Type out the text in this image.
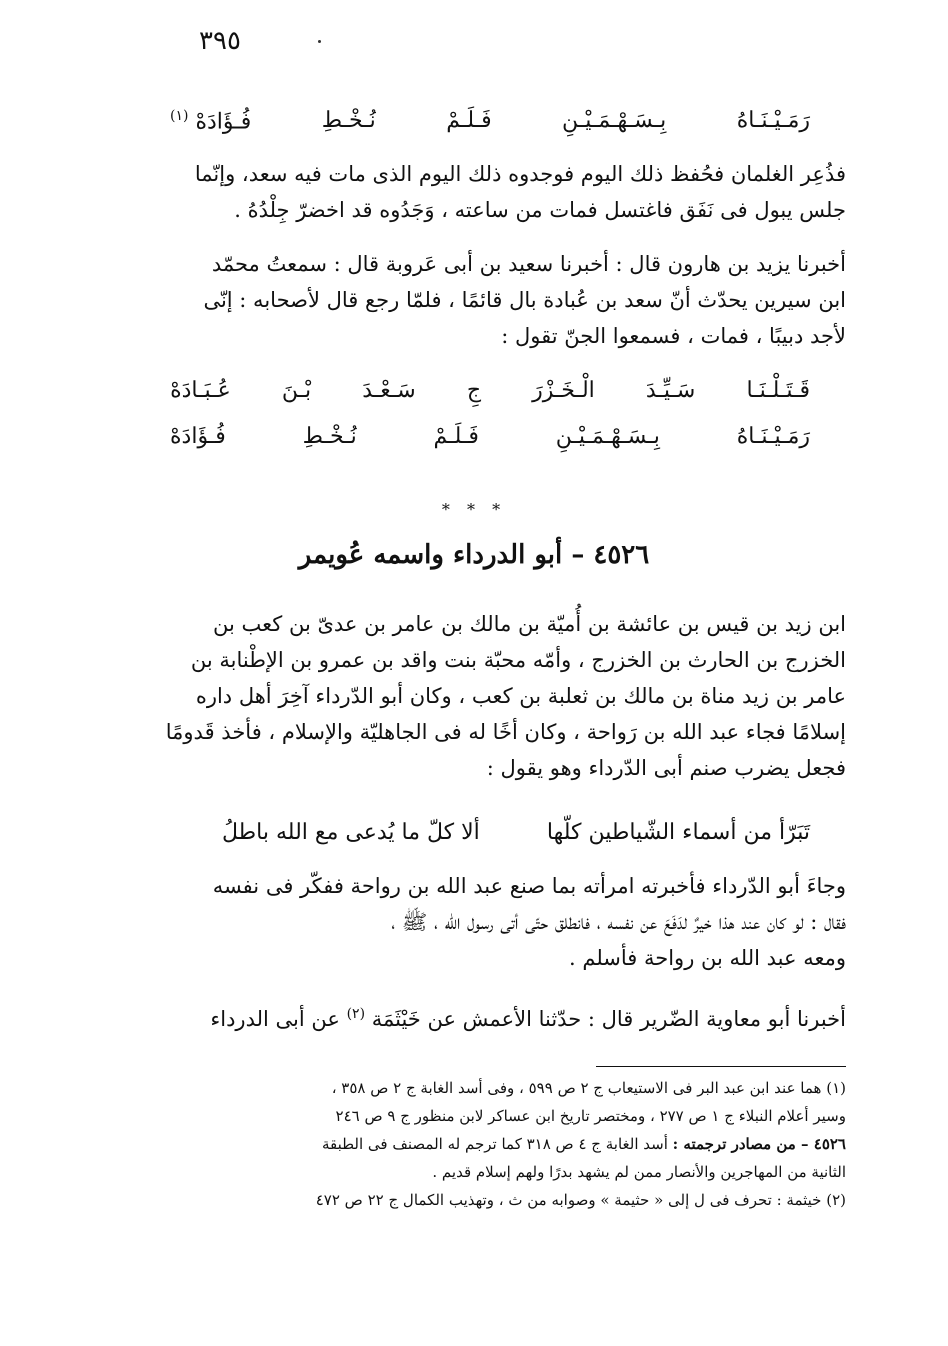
٣٩٥
رَمَـيْـنَـاهُ
بِـسَـهْـمَـيْـنِ
فَـلَـمْ
نُـخْـطِ
فُـؤَادَهْ $^{(١)}$

فذُعِر الغلمان فحُفظ ذلك اليوم فوجدوه ذلك اليوم الذى مات فيه سعد، وإنّما

جلس يبول فى نَفَق فاغتسل فمات من ساعته ، وَجَدُوه قد اخضرّ جِلْدُهُ .

أخبرنا يزيد بن هارون قال : أخبرنا سعيد بن أبى عَروبة قال : سمعتُ محمّد

ابن سيرين يحدّث أنّ سعد بن عُبادة بال قائمًا ، فلمّا رجع قال لأصحابه : إنّى

لأجد دبيبًا ، فمات ، فسمعوا الجنّ تقول :

قَـتَـلْـنَـا
سَـيِّـدَ
الْـخَـزْرَ
جِ
سَـعْـدَ
بْـنَ
عُـبَـادَهْ
رَمَـيْـنَـاهُ
بِـسَـهْـمَـيْـنِ
فَـلَـمْ
نُـخْـطِ
فُـؤَادَهْ
* * *
٤٥٢٦ – أبو الدرداء واسمه عُويمر

ابن زيد بن قيس بن عائشة بن أُميّة بن مالك بن عامر بن عدىّ بن كعب بن

الخزرج بن الحارث بن الخزرج ، وأمّه محبّة بنت واقد بن عمرو بن الإطْنابة بن

عامر بن زيد مناة بن مالك بن ثعلبة بن كعب ، وكان أبو الدّرداء آخِرَ أهل داره

إسلامًا فجاء عبد الله بن رَواحة ، وكان أخًا له فى الجاهليّة والإسلام ، فأخذ قَدومًا

فجعل يضرب صنم أبى الدّرداء وهو يقول :

تَبَرّأ من أسماء الشّياطين كلّها
ألا كلّ ما يُدعى مع الله باطلُ

وجاءَ أبو الدّرداء فأخبرته امرأته بما صنع عبد الله بن رواحة ففكّر فى نفسه

فقال : لو كان عند هذا خيرٌ لدَفَعَ عن نفسه ، فانطلق حتّى أتى رسول الله ، ﷺ ،

ومعه عبد الله بن رواحة فأسلم .

أخبرنا أبو معاوية الضّرير قال : حدّثنا الأعمش عن خَيْثَمَة $^{(٢)}$ عن أبى الدرداء

(١) هما عند ابن عبد البر فى الاستيعاب ج ٢ ص ٥٩٩ ، وفى أسد الغابة ج ٢ ص ٣٥٨ ،

وسير أعلام النبلاء ج ١ ص ٢٧٧ ، ومختصر تاريخ ابن عساكر لابن منظور ج ٩ ص ٢٤٦

٤٥٢٦ – من مصادر ترجمته : أسد الغابة ج ٤ ص ٣١٨ كما ترجم له المصنف فى الطبقة

الثانية من المهاجرين والأنصار ممن لم يشهد بدرًا ولهم إسلام قديم .

(٢) خيثمة : تحرف فى ل إلى « حثيمة » وصوابه من ث ، وتهذيب الكمال ج ٢٢ ص ٤٧٢
